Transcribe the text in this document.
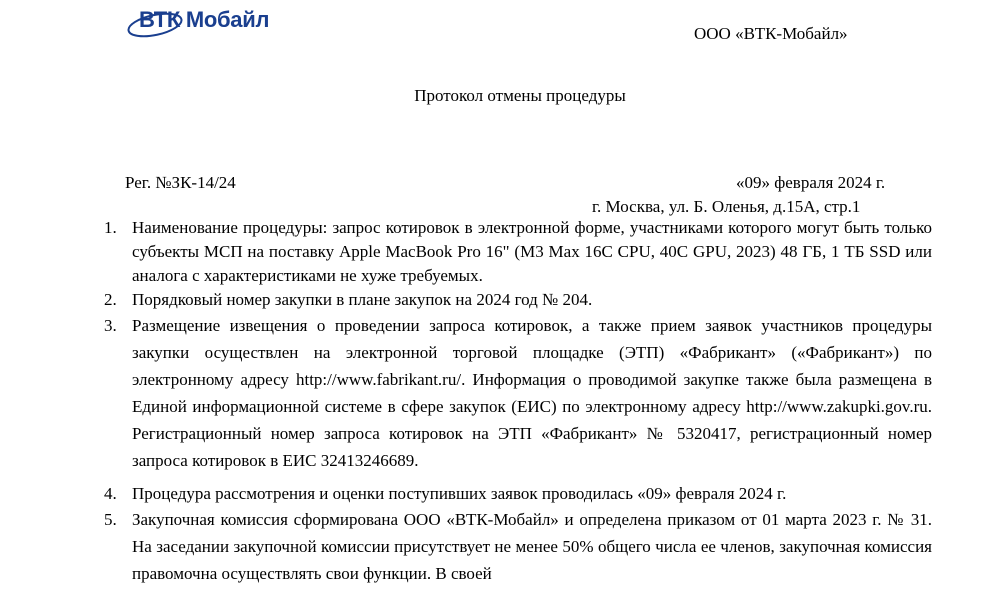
ВТК Мобайл
ООО «ВТК-Мобайл»
Протокол отмены процедуры
Рег. №ЗК-14/24	«09» февраля 2024 г.
г. Москва, ул. Б. Оленья, д.15А, стр.1
1. Наименование процедуры: запрос котировок в электронной форме, участниками которого могут быть только субъекты МСП на поставку Apple MacBook Pro 16" (M3 Max 16C CPU, 40C GPU, 2023) 48 ГБ, 1 ТБ SSD или аналога с характеристиками не хуже требуемых.
2. Порядковый номер закупки в плане закупок на 2024 год № 204.
3. Размещение извещения о проведении запроса котировок, а также прием заявок участников процедуры закупки осуществлен на электронной торговой площадке (ЭТП) «Фабрикант» («Фабрикант») по электронному адресу http://www.fabrikant.ru/. Информация о проводимой закупке также была размещена в Единой информационной системе в сфере закупок (ЕИС) по электронному адресу http://www.zakupki.gov.ru. Регистрационный номер запроса котировок на ЭТП «Фабрикант» № 5320417, регистрационный номер запроса котировок в ЕИС 32413246689.
4. Процедура рассмотрения и оценки поступивших заявок проводилась «09» февраля 2024 г.
5. Закупочная комиссия сформирована ООО «ВТК-Мобайл» и определена приказом от 01 марта 2023 г. № 31. На заседании закупочной комиссии присутствует не менее 50% общего числа ее членов, закупочная комиссия правомочна осуществлять свои функции. В своей
